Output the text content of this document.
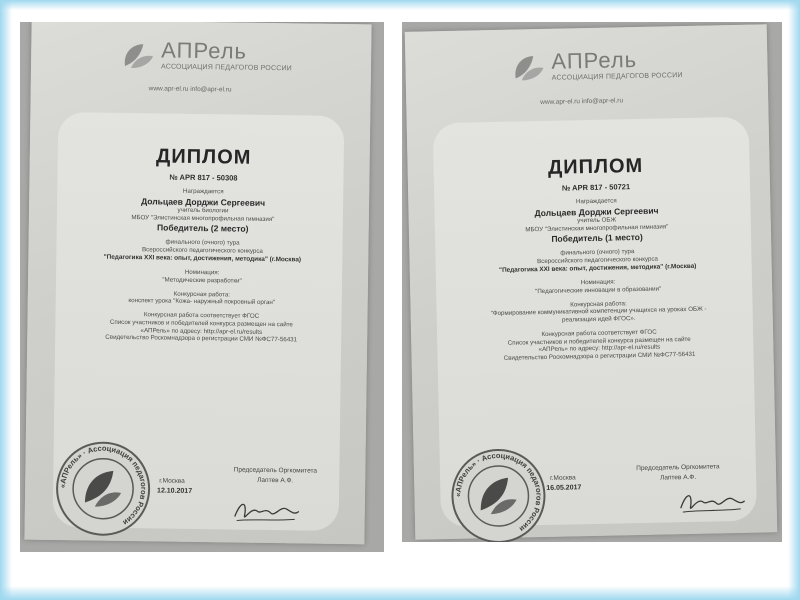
АПРель
АССОЦИАЦИЯ ПЕДАГОГОВ РОССИИ
www.apr-el.ru info@apr-el.ru
ДИПЛОМ
№ APR 817 - 50308
Награждается
Дольцаев Дорджи Сергеевич
учитель биологии
МБОУ "Элистинская многопрофильная гимназия"
Победитель (2 место)
финального (очного) тура
Всероссийского педагогического конкурса
"Педагогика XXI века: опыт, достижения, методика" (г.Москва)
Номинация:
"Методические разработки"
Конкурсная работа:
конспект урока "Кожа- наружный покровный орган"
Конкурсная работа соответствует ФГОС
Список участников и победителей конкурса размещен на сайте
«АПРель» по адресу: http://apr-el.ru/results
Свидетельство Роскомнадзора о регистрации СМИ №ФС77-56431
«АПРель» · Ассоциация педагогов России
г.Москва
12.10.2017
Председатель Оргкомитета
Лаптев А.Ф.
АПРель
АССОЦИАЦИЯ ПЕДАГОГОВ РОССИИ
www.apr-el.ru info@apr-el.ru
ДИПЛОМ
№ APR 817 - 50721
Награждается
Дольцаев Дорджи Сергеевич
учитель ОБЖ
МБОУ "Элистинская многопрофильная гимназия"
Победитель (1 место)
финального (очного) тура
Всероссийского педагогического конкурса
"Педагогика XXI века: опыт, достижения, методика" (г.Москва)
Номинация:
"Педагогические инновации в образовании"
Конкурсная работа:
"Формирование коммуникативной компетенции учащихся на уроках ОБЖ -
реализация идей ФГОС».
Конкурсная работа соответствует ФГОС
Список участников и победителей конкурса размещен на сайте
«АПРель» по адресу: http://apr-el.ru/results
Свидетельство Роскомнадзора о регистрации СМИ №ФС77-56431
«АПРель» · Ассоциация педагогов России
г.Москва
16.05.2017
Председатель Оргкомитета
Лаптев А.Ф.
